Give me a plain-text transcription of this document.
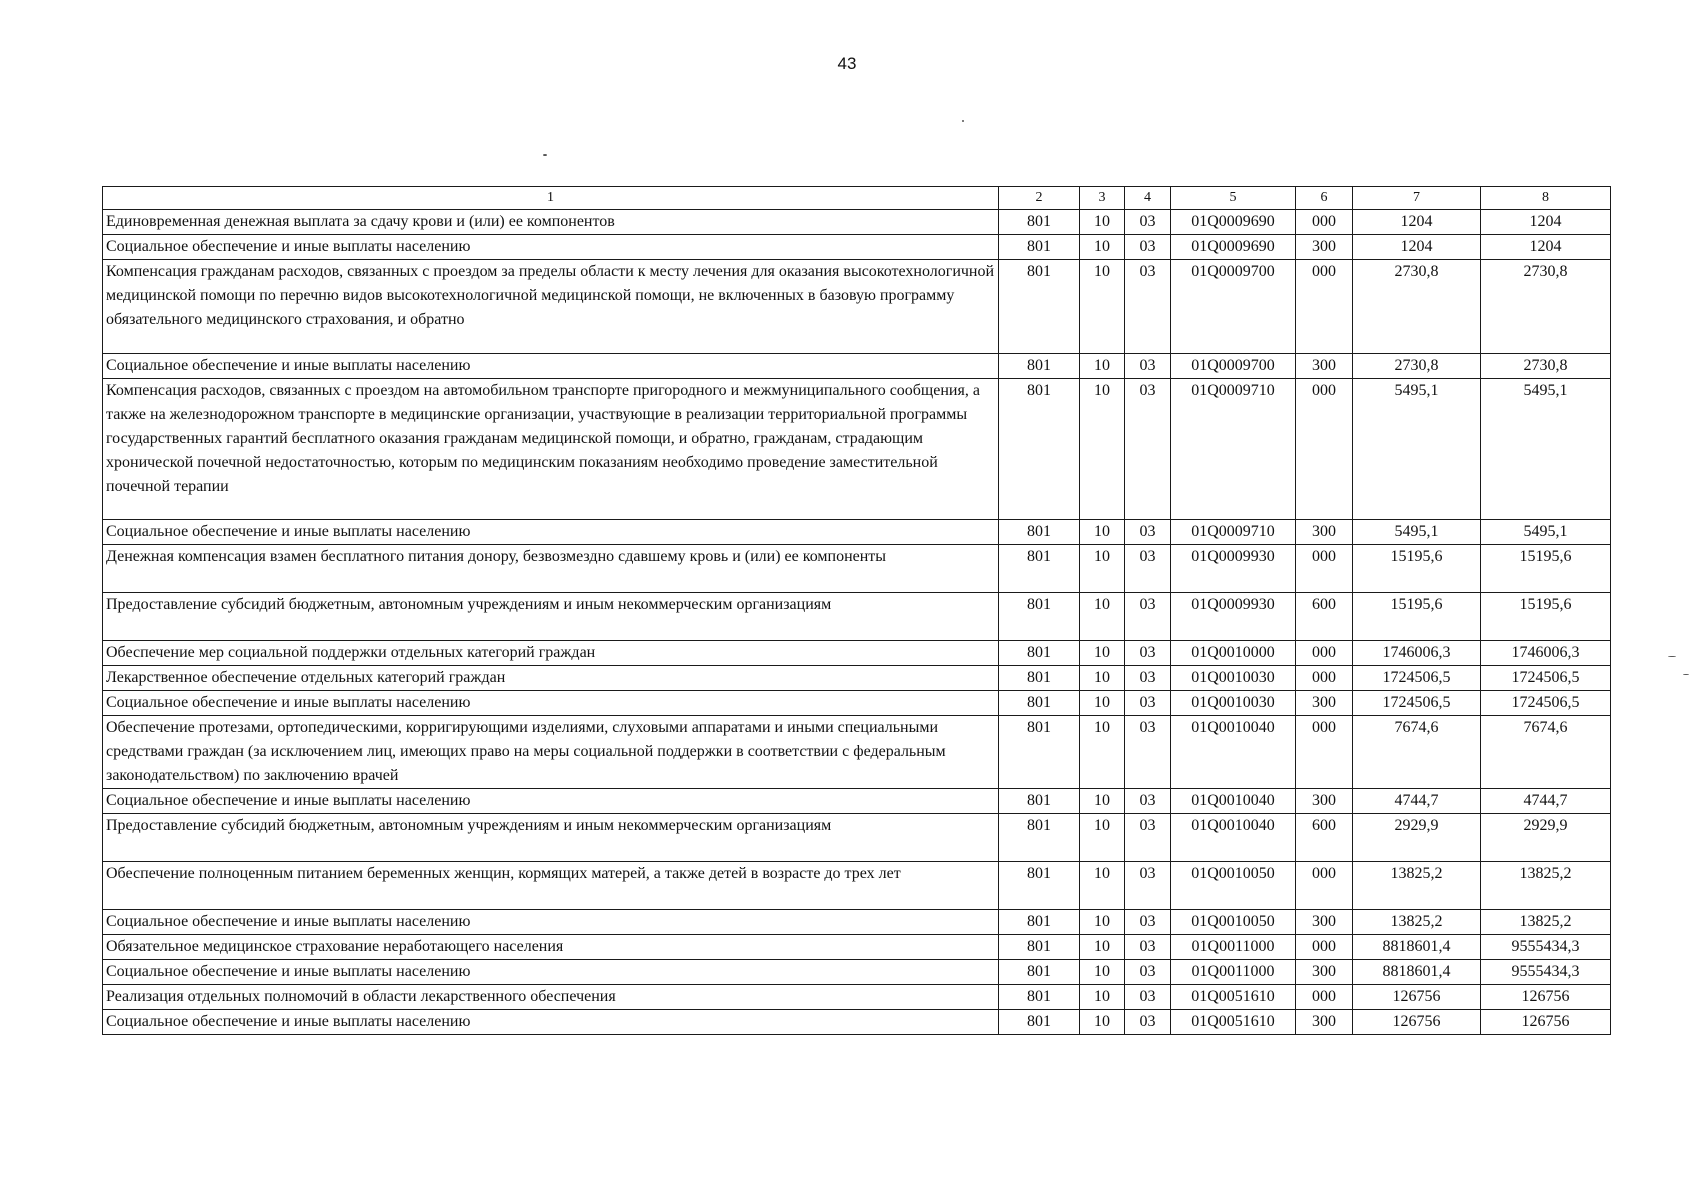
43
1	2	3	4	5	6	7	8
Единовременная денежная выплата за сдачу крови и (или) ее компонентов	801	10	03	01Q0009690	000	1204	1204
Социальное обеспечение и иные выплаты населению	801	10	03	01Q0009690	300	1204	1204
Компенсация гражданам расходов, связанных с проездом за пределы области к месту лечения для оказания высокотехнологичной медицинской помощи по перечню видов высокотехнологичной медицинской помощи, не включенных в базовую программу обязательного медицинского страхования, и обратно	801	10	03	01Q0009700	000	2730,8	2730,8
Социальное обеспечение и иные выплаты населению	801	10	03	01Q0009700	300	2730,8	2730,8
Компенсация расходов, связанных с проездом на автомобильном транспорте пригородного и межмуниципального сообщения, а также на железнодорожном транспорте в медицинские организации, участвующие в реализации территориальной программы государственных гарантий бесплатного оказания гражданам медицинской помощи, и обратно, гражданам, страдающим хронической почечной недостаточностью, которым по медицинским показаниям необходимо проведение заместительной почечной терапии	801	10	03	01Q0009710	000	5495,1	5495,1
Социальное обеспечение и иные выплаты населению	801	10	03	01Q0009710	300	5495,1	5495,1
Денежная компенсация взамен бесплатного питания донору, безвозмездно сдавшему кровь и (или) ее компоненты	801	10	03	01Q0009930	000	15195,6	15195,6
Предоставление субсидий бюджетным, автономным учреждениям и иным некоммерческим организациям	801	10	03	01Q0009930	600	15195,6	15195,6
Обеспечение мер социальной поддержки отдельных категорий граждан	801	10	03	01Q0010000	000	1746006,3	1746006,3
Лекарственное обеспечение отдельных категорий граждан	801	10	03	01Q0010030	000	1724506,5	1724506,5
Социальное обеспечение и иные выплаты населению	801	10	03	01Q0010030	300	1724506,5	1724506,5
Обеспечение протезами, ортопедическими, корригирующими изделиями, слуховыми аппаратами и иными специальными средствами граждан (за исключением лиц, имеющих право на меры социальной поддержки в соответствии с федеральным законодательством) по заключению врачей	801	10	03	01Q0010040	000	7674,6	7674,6
Социальное обеспечение и иные выплаты населению	801	10	03	01Q0010040	300	4744,7	4744,7
Предоставление субсидий бюджетным, автономным учреждениям и иным некоммерческим организациям	801	10	03	01Q0010040	600	2929,9	2929,9
Обеспечение полноценным питанием беременных женщин, кормящих матерей, а также детей в возрасте до трех лет	801	10	03	01Q0010050	000	13825,2	13825,2
Социальное обеспечение и иные выплаты населению	801	10	03	01Q0010050	300	13825,2	13825,2
Обязательное медицинское страхование неработающего населения	801	10	03	01Q0011000	000	8818601,4	9555434,3
Социальное обеспечение и иные выплаты населению	801	10	03	01Q0011000	300	8818601,4	9555434,3
Реализация отдельных полномочий в области лекарственного обеспечения	801	10	03	01Q0051610	000	126756	126756
Социальное обеспечение и иные выплаты населению	801	10	03	01Q0051610	300	126756	126756
